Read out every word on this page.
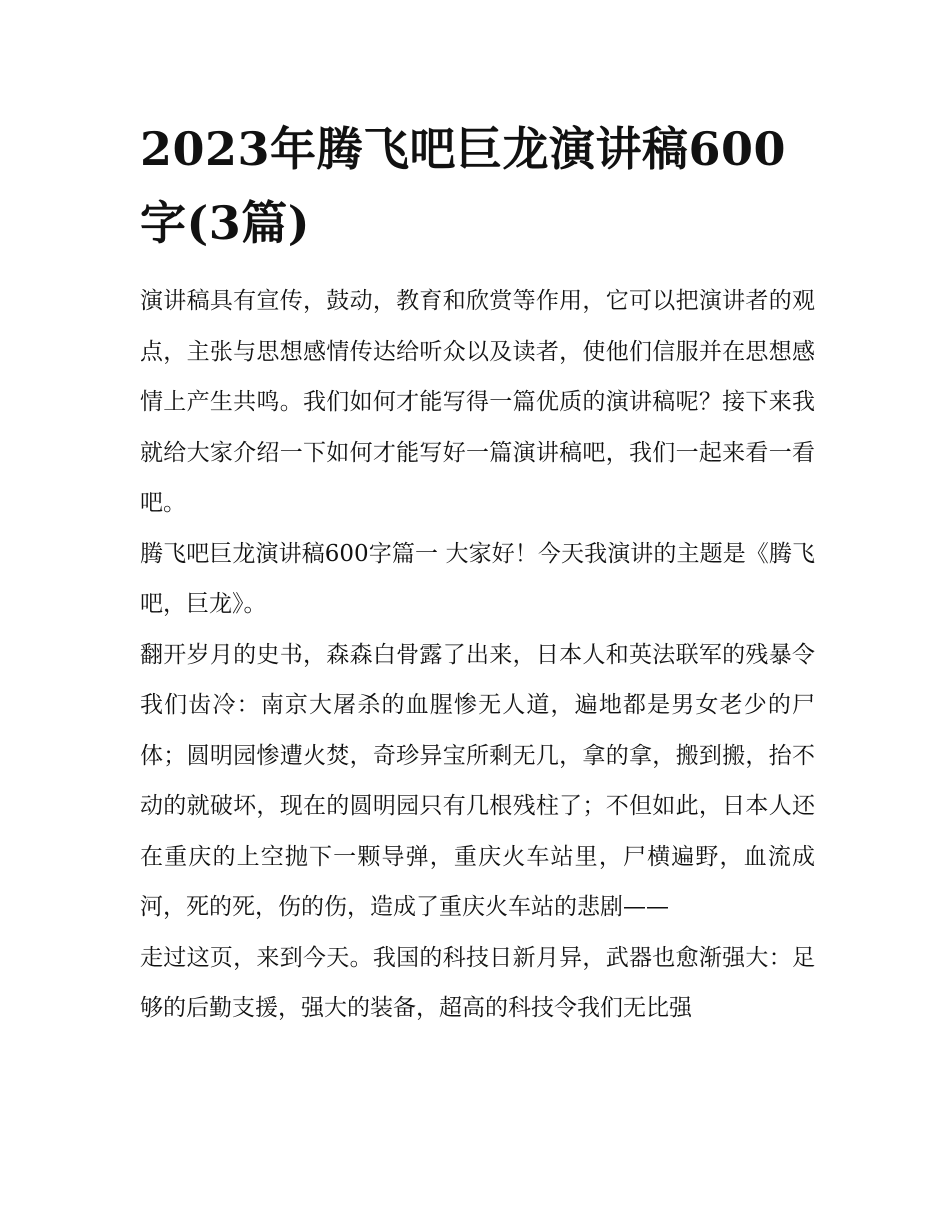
2023年腾飞吧巨龙演讲稿600字(3篇)

演讲稿具有宣传，鼓动，教育和欣赏等作用，它可以把演讲者的观点，主张与思想感情传达给听众以及读者，使他们信服并在思想感情上产生共鸣。我们如何才能写得一篇优质的演讲稿呢？接下来我就给大家介绍一下如何才能写好一篇演讲稿吧，我们一起来看一看吧。

腾飞吧巨龙演讲稿600字篇一 大家好！今天我演讲的主题是《腾飞吧，巨龙》。

翻开岁月的史书，森森白骨露了出来，日本人和英法联军的残暴令我们齿冷：南京大屠杀的血腥惨无人道，遍地都是男女老少的尸体；圆明园惨遭火焚，奇珍异宝所剩无几，拿的拿，搬到搬，抬不动的就破坏，现在的圆明园只有几根残柱了；不但如此，日本人还在重庆的上空抛下一颗导弹，重庆火车站里，尸横遍野，血流成河，死的死，伤的伤，造成了重庆火车站的悲剧——

走过这页，来到今天。我国的科技日新月异，武器也愈渐强大：足够的后勤支援，强大的装备，超高的科技令我们无比强
